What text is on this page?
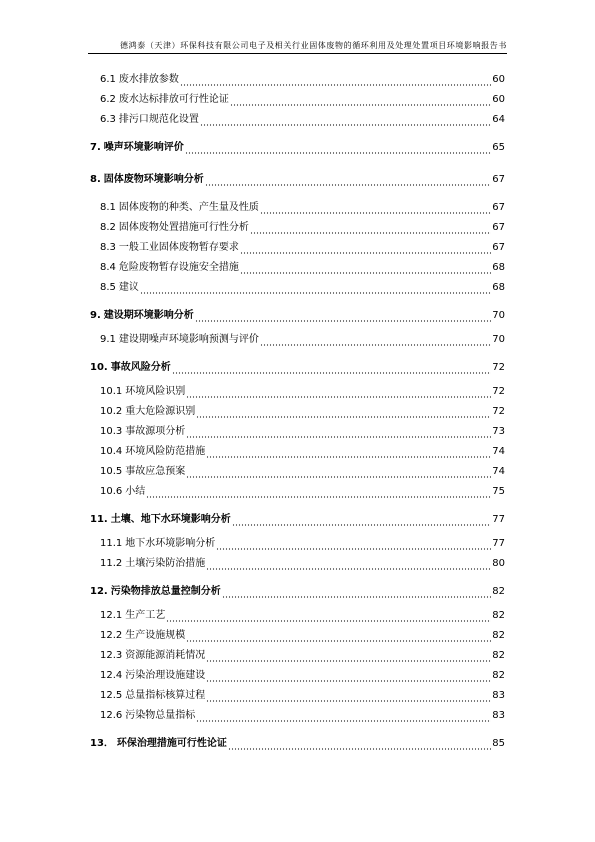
德鸿泰（天津）环保科技有限公司电子及相关行业固体废物的循环利用及处理处置项目环境影响报告书
6.1 废水排放参数	60
6.2 废水达标排放可行性论证	60
6.3 排污口规范化设置	64
7. 噪声环境影响评价	65
8. 固体废物环境影响分析	67
8.1 固体废物的种类、产生量及性质	67
8.2 固体废物处置措施可行性分析	67
8.3 一般工业固体废物暂存要求	67
8.4 危险废物暂存设施安全措施	68
8.5 建议	68
9. 建设期环境影响分析	70
9.1 建设期噪声环境影响预测与评价	70
10. 事故风险分析	72
10.1 环境风险识别	72
10.2 重大危险源识别	72
10.3 事故源项分析	73
10.4 环境风险防范措施	74
10.5 事故应急预案	74
10.6 小结	75
11. 土壤、地下水环境影响分析	77
11.1 地下水环境影响分析	77
11.2 土壤污染防治措施	80
12. 污染物排放总量控制分析	82
12.1 生产工艺	82
12.2 生产设施规模	82
12.3 资源能源消耗情况	82
12.4 污染治理设施建设	82
12.5 总量指标核算过程	83
12.6 污染物总量指标	83
13． 环保治理措施可行性论证	85
